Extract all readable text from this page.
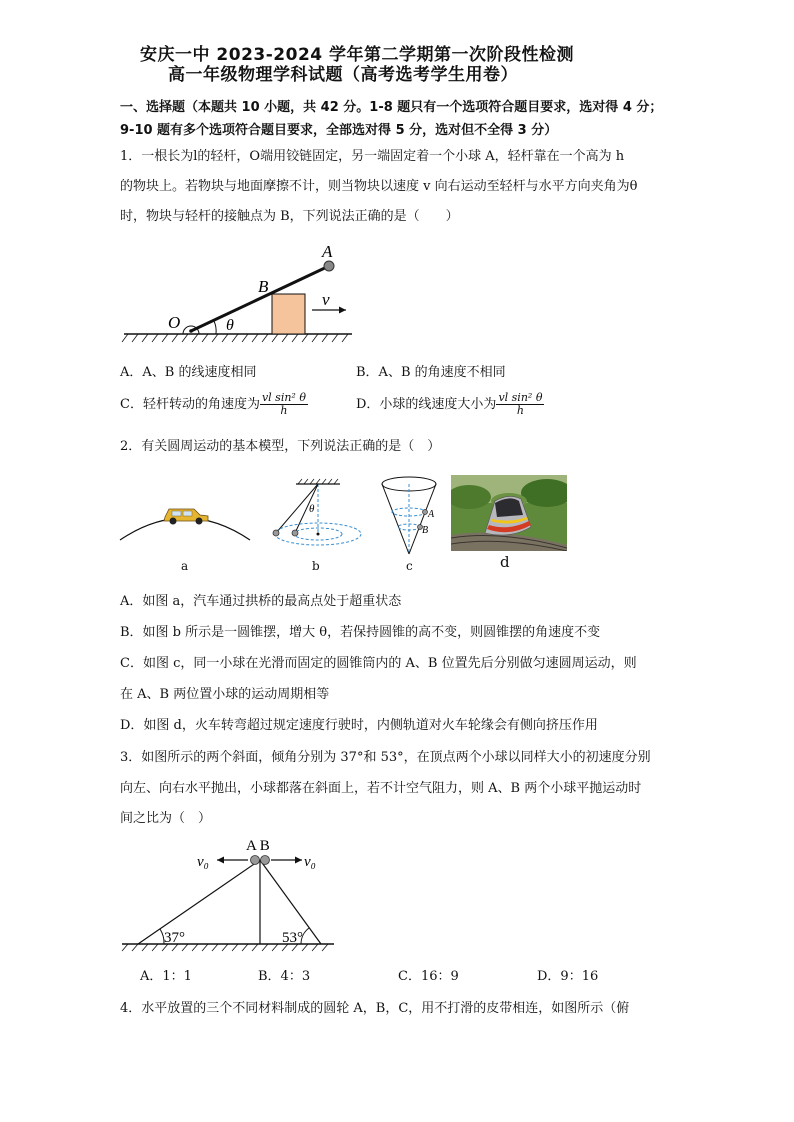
安庆一中 2023-2024 学年第二学期第一次阶段性检测
高一年级物理学科试题（高考选考学生用卷）
一、选择题（本题共 10 小题，共 42 分。1-8 题只有一个选项符合题目要求，选对得 4 分；
9-10 题有多个选项符合题目要求，全部选对得 5 分，选对但不全得 3 分）
1．一根长为l的轻杆，O端用铰链固定，另一端固定着一个小球 A，轻杆靠在一个高为 h
的物块上。若物块与地面摩擦不计，则当物块以速度 v 向右运动至轻杆与水平方向夹角为θ
时，物块与轻杆的接触点为 B，下列说法正确的是（　　）
v
A
B
O	θ
A．A、B 的线速度相同	B．A、B 的角速度不相同
C．轻杆转动的角速度为 $\frac{\text{vl sin² θ}}{h}$	D．小球的线速度大小为 $\frac{\text{vl sin² θ}}{h}$
2．有关圆周运动的基本模型，下列说法正确的是（　）
a
θ
b
A
B
c	d
A．如图 a，汽车通过拱桥的最高点处于超重状态
B．如图 b 所示是一圆锥摆，增大 θ，若保持圆锥的高不变，则圆锥摆的角速度不变
C．如图 c，同一小球在光滑而固定的圆锥筒内的 A、B 位置先后分别做匀速圆周运动，则
在 A、B 两位置小球的运动周期相等
D．如图 d，火车转弯超过规定速度行驶时，内侧轨道对火车轮缘会有侧向挤压作用
3．如图所示的两个斜面，倾角分别为 37°和 53°，在顶点两个小球以同样大小的初速度分别
向左、向右水平抛出，小球都落在斜面上，若不计空气阻力，则 A、B 两个小球平抛运动时
间之比为（　）
A B
v₀	v₀
37°	53°
A．1：1	B．4：3	C．16：9	D．9：16
4．水平放置的三个不同材料制成的圆轮 A，B，C，用不打滑的皮带相连，如图所示（俯
